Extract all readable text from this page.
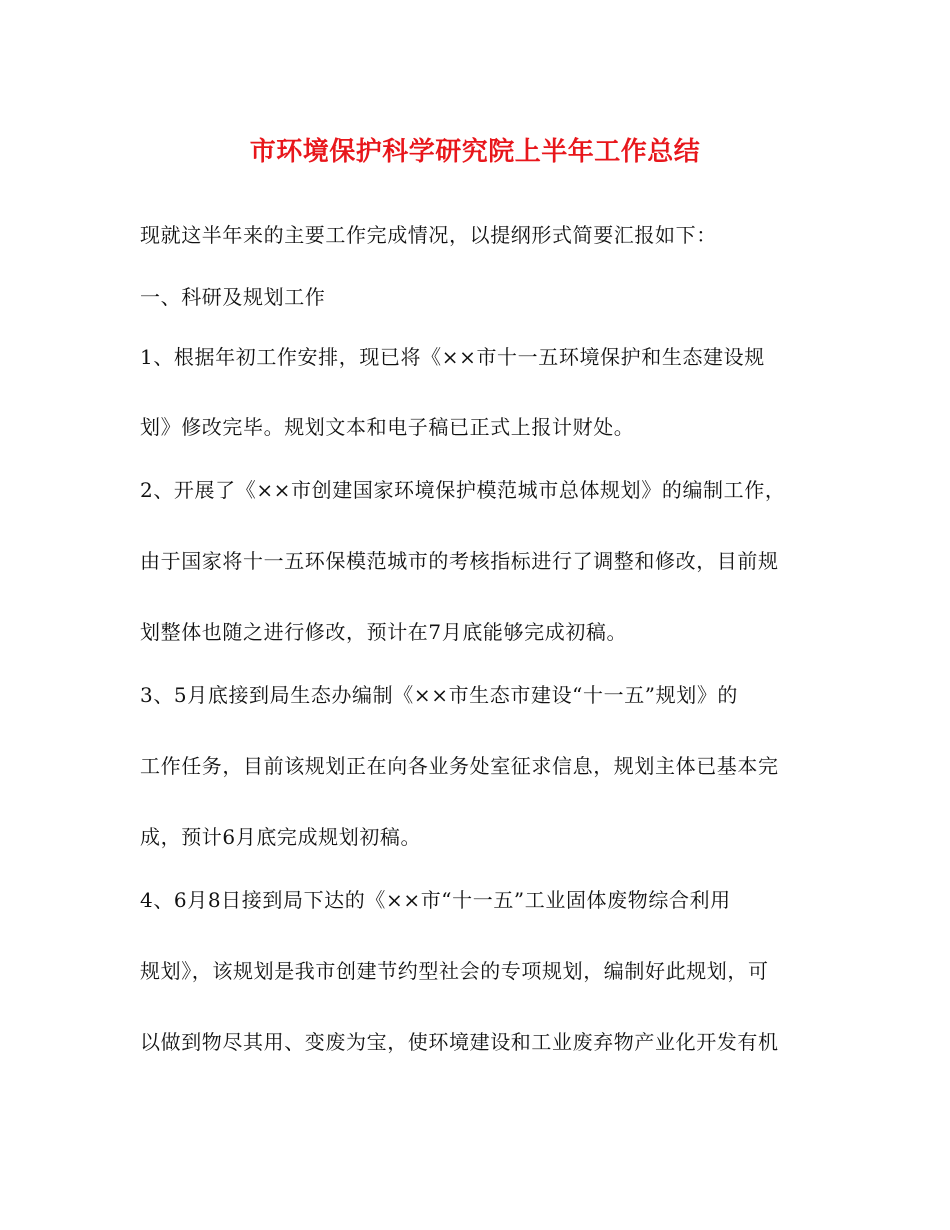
市环境保护科学研究院上半年工作总结
现就这半年来的主要工作完成情况，以提纲形式简要汇报如下：
一、科研及规划工作
1、根据年初工作安排，现已将《××市十一五环境保护和生态建设规
划》修改完毕。规划文本和电子稿已正式上报计财处。
2、开展了《××市创建国家环境保护模范城市总体规划》的编制工作，
由于国家将十一五环保模范城市的考核指标进行了调整和修改，目前规
划整体也随之进行修改，预计在7月底能够完成初稿。
3、5月底接到局生态办编制《××市生态市建设“十一五”规划》的
工作任务，目前该规划正在向各业务处室征求信息，规划主体已基本完
成，预计6月底完成规划初稿。
4、6月8日接到局下达的《××市“十一五”工业固体废物综合利用
规划》，该规划是我市创建节约型社会的专项规划，编制好此规划，可
以做到物尽其用、变废为宝，使环境建设和工业废弃物产业化开发有机
